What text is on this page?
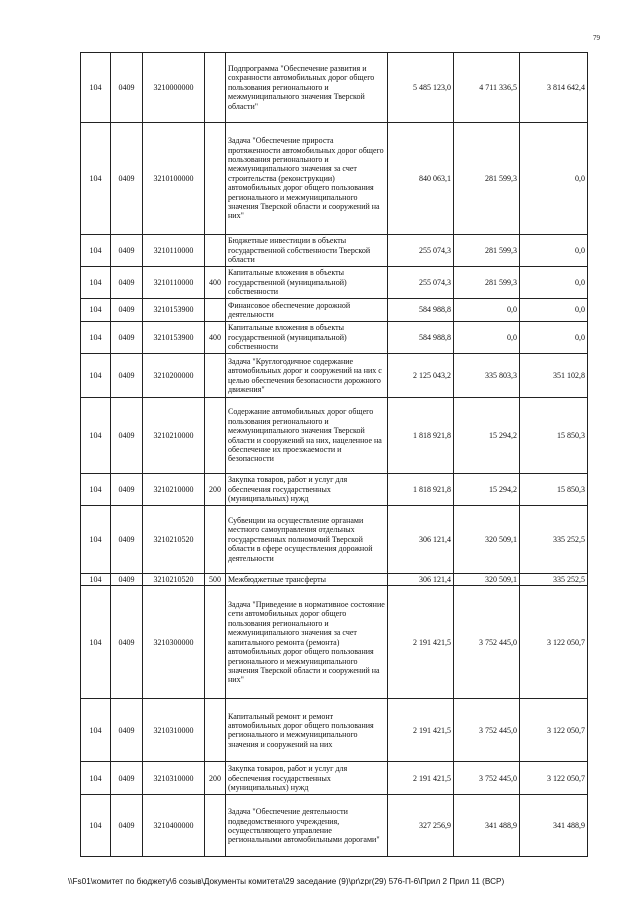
79
104	0409	3210000000		Подпрограмма "Обеспечение развития и сохранности автомобильных дорог общего пользования регионального и межмуниципального значения Тверской области"	5 485 123,0	4 711 336,5	3 814 642,4
104	0409	3210100000		Задача "Обеспечение прироста протяженности автомобильных дорог общего пользования регионального и межмуниципального значения за счет строительства (реконструкции) автомобильных дорог общего пользования регионального и межмуниципального значения Тверской области и сооружений на них"	840 063,1	281 599,3	0,0
104	0409	3210110000		Бюджетные инвестиции в объекты государственной собственности Тверской области	255 074,3	281 599,3	0,0
104	0409	3210110000	400	Капитальные вложения в объекты государственной (муниципальной) собственности	255 074,3	281 599,3	0,0
104	0409	3210153900		Финансовое обеспечение дорожной деятельности	584 988,8	0,0	0,0
104	0409	3210153900	400	Капитальные вложения в объекты государственной (муниципальной) собственности	584 988,8	0,0	0,0
104	0409	3210200000		Задача "Круглогодичное содержание автомобильных дорог и сооружений на них с целью обеспечения безопасности дорожного движения"	2 125 043,2	335 803,3	351 102,8
104	0409	3210210000		Содержание автомобильных дорог общего пользования регионального и межмуниципального значения Тверской области и сооружений на них, нацеленное на обеспечение их проезжаемости и безопасности	1 818 921,8	15 294,2	15 850,3
104	0409	3210210000	200	Закупка товаров, работ и услуг для обеспечения государственных (муниципальных) нужд	1 818 921,8	15 294,2	15 850,3
104	0409	3210210520		Субвенции на осуществление органами местного самоуправления отдельных государственных полномочий Тверской области в сфере осуществления дорожной деятельности	306 121,4	320 509,1	335 252,5
104	0409	3210210520	500	Межбюджетные трансферты	306 121,4	320 509,1	335 252,5
104	0409	3210300000		Задача "Приведение в нормативное состояние сети автомобильных дорог общего пользования регионального и межмуниципального значения за счет капитального ремонта (ремонта) автомобильных дорог общего пользования регионального и межмуниципального значения Тверской области и сооружений на них"	2 191 421,5	3 752 445,0	3 122 050,7
104	0409	3210310000		Капитальный ремонт и ремонт автомобильных дорог общего пользования регионального и межмуниципального значения и сооружений на них	2 191 421,5	3 752 445,0	3 122 050,7
104	0409	3210310000	200	Закупка товаров, работ и услуг для обеспечения государственных (муниципальных) нужд	2 191 421,5	3 752 445,0	3 122 050,7
104	0409	3210400000		Задача "Обеспечение деятельности подведомственного учреждения, осуществляющего управление региональными автомобильными дорогами"	327 256,9	341 488,9	341 488,9
\\Fs01\комитет по бюджету\6 созыв\Документы комитета\29 заседание (9)\pr\zpr(29) 576-П-6\Прил 2 Прил 11 (ВСР)
